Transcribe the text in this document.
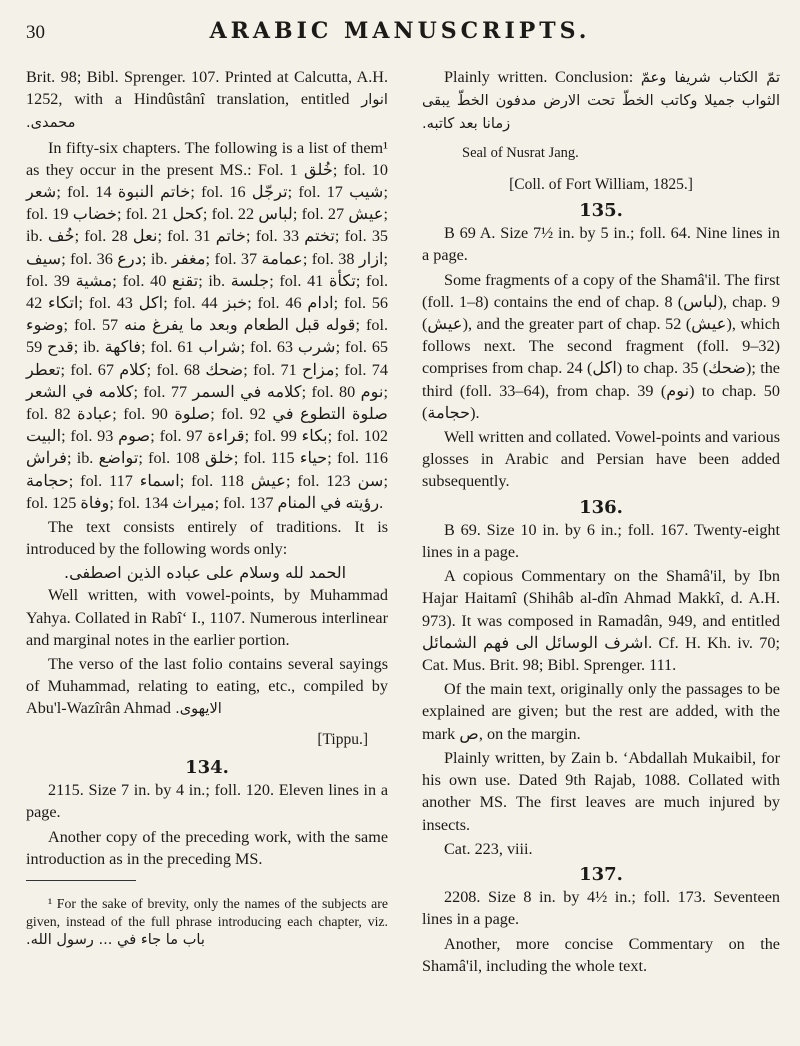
30	ARABIC MANUSCRIPTS.

Brit. 98; Bibl. Sprenger. 107. Printed at Calcutta, A.H. 1252, with a Hindûstânî translation, entitled انوار محمدی.

In fifty-six chapters. The following is a list of them¹ as they occur in the present MS.: Fol. 1 خُلق; fol. 10 شعر; fol. 14 خاتم النبوة; fol. 16 ترجّل; fol. 17 شیب; fol. 19 خضاب; fol. 21 كحل; fol. 22 لباس; fol. 27 عیش; ib. خُف; fol. 28 نعل; fol. 31 خاتم; fol. 33 تختم; fol. 35 سیف; fol. 36 درع; ib. مغفر; fol. 37 عمامة; fol. 38 ازار; fol. 39 مشیة; fol. 40 تقنع; ib. جلسة; fol. 41 تكأة; fol. 42 اتكاء; fol. 43 اكل; fol. 44 خبز; fol. 46 ادام; fol. 56 وضوء; fol. 57 قوله قبل الطعام وبعد ما يفرغ منه; fol. 59 قدح; ib. فاكهة; fol. 61 شراب; fol. 63 شرب; fol. 65 تعطر; fol. 67 كلام; fol. 68 ضحك; fol. 71 مزاح; fol. 74 كلامه في الشعر; fol. 77 كلامه في السمر; fol. 80 نوم; fol. 82 عبادة; fol. 90 صلوة; fol. 92 صلوة التطوع في البيت; fol. 93 صوم; fol. 97 قراءة; fol. 99 بكاء; fol. 102 فراش; ib. تواضع; fol. 108 خلق; fol. 115 حياء; fol. 116 حجامة; fol. 117 اسماء; fol. 118 عيش; fol. 123 سن; fol. 125 وفاة; fol. 134 ميراث; fol. 137 رؤيته في المنام.

The text consists entirely of traditions. It is introduced by the following words only:

الحمد لله وسلام على عباده الذين اصطفى.

Well written, with vowel-points, by Muhammad Yahya. Collated in Rabî‘ I., 1107. Numerous interlinear and marginal notes in the earlier portion.

The verso of the last folio contains several sayings of Muhammad, relating to eating, etc., compiled by Abu'l-Wazîrân Ahmad الایهوی.

[Tippu.]
134.

2115. Size 7 in. by 4 in.; foll. 120. Eleven lines in a page.

Another copy of the preceding work, with the same introduction as in the preceding MS.

¹ For the sake of brevity, only the names of the subjects are given, instead of the full phrase introducing each chapter, viz. باب ما جاء في ... رسول الله.

Plainly written. Conclusion: تمّ الكتاب شريفا وعمّ الثواب جميلا وكاتب الخطّ تحت الارض مدفون الخطّ يبقى زمانا بعد كاتبه.

Seal of Nusrat Jang.
[Coll. of Fort William, 1825.]
135.

B 69 A. Size 7½ in. by 5 in.; foll. 64. Nine lines in a page.

Some fragments of a copy of the Shamâ'il. The first (foll. 1–8) contains the end of chap. 8 (لباس), chap. 9 (عیش), and the greater part of chap. 52 (عیش), which follows next. The second fragment (foll. 9–32) comprises from chap. 24 (اكل) to chap. 35 (ضحك); the third (foll. 33–64), from chap. 39 (نوم) to chap. 50 (حجامة).

Well written and collated. Vowel-points and various glosses in Arabic and Persian have been added subsequently.

136.

B 69. Size 10 in. by 6 in.; foll. 167. Twenty-eight lines in a page.

A copious Commentary on the Shamâ'il, by Ibn Hajar Haitamî (Shihâb al-dîn Ahmad Makkî, d. A.H. 973). It was composed in Ramadân, 949, and entitled اشرف الوسائل الی فهم الشمائل. Cf. H. Kh. iv. 70; Cat. Mus. Brit. 98; Bibl. Sprenger. 111.

Of the main text, originally only the passages to be explained are given; but the rest are added, with the mark ص, on the margin.

Plainly written, by Zain b. ‘Abdallah Mukaibil, for his own use. Dated 9th Rajab, 1088. Collated with another MS. The first leaves are much injured by insects.

Cat. 223, viii.

137.

2208. Size 8 in. by 4½ in.; foll. 173. Seventeen lines in a page.

Another, more concise Commentary on the Shamâ'il, including the whole text.
